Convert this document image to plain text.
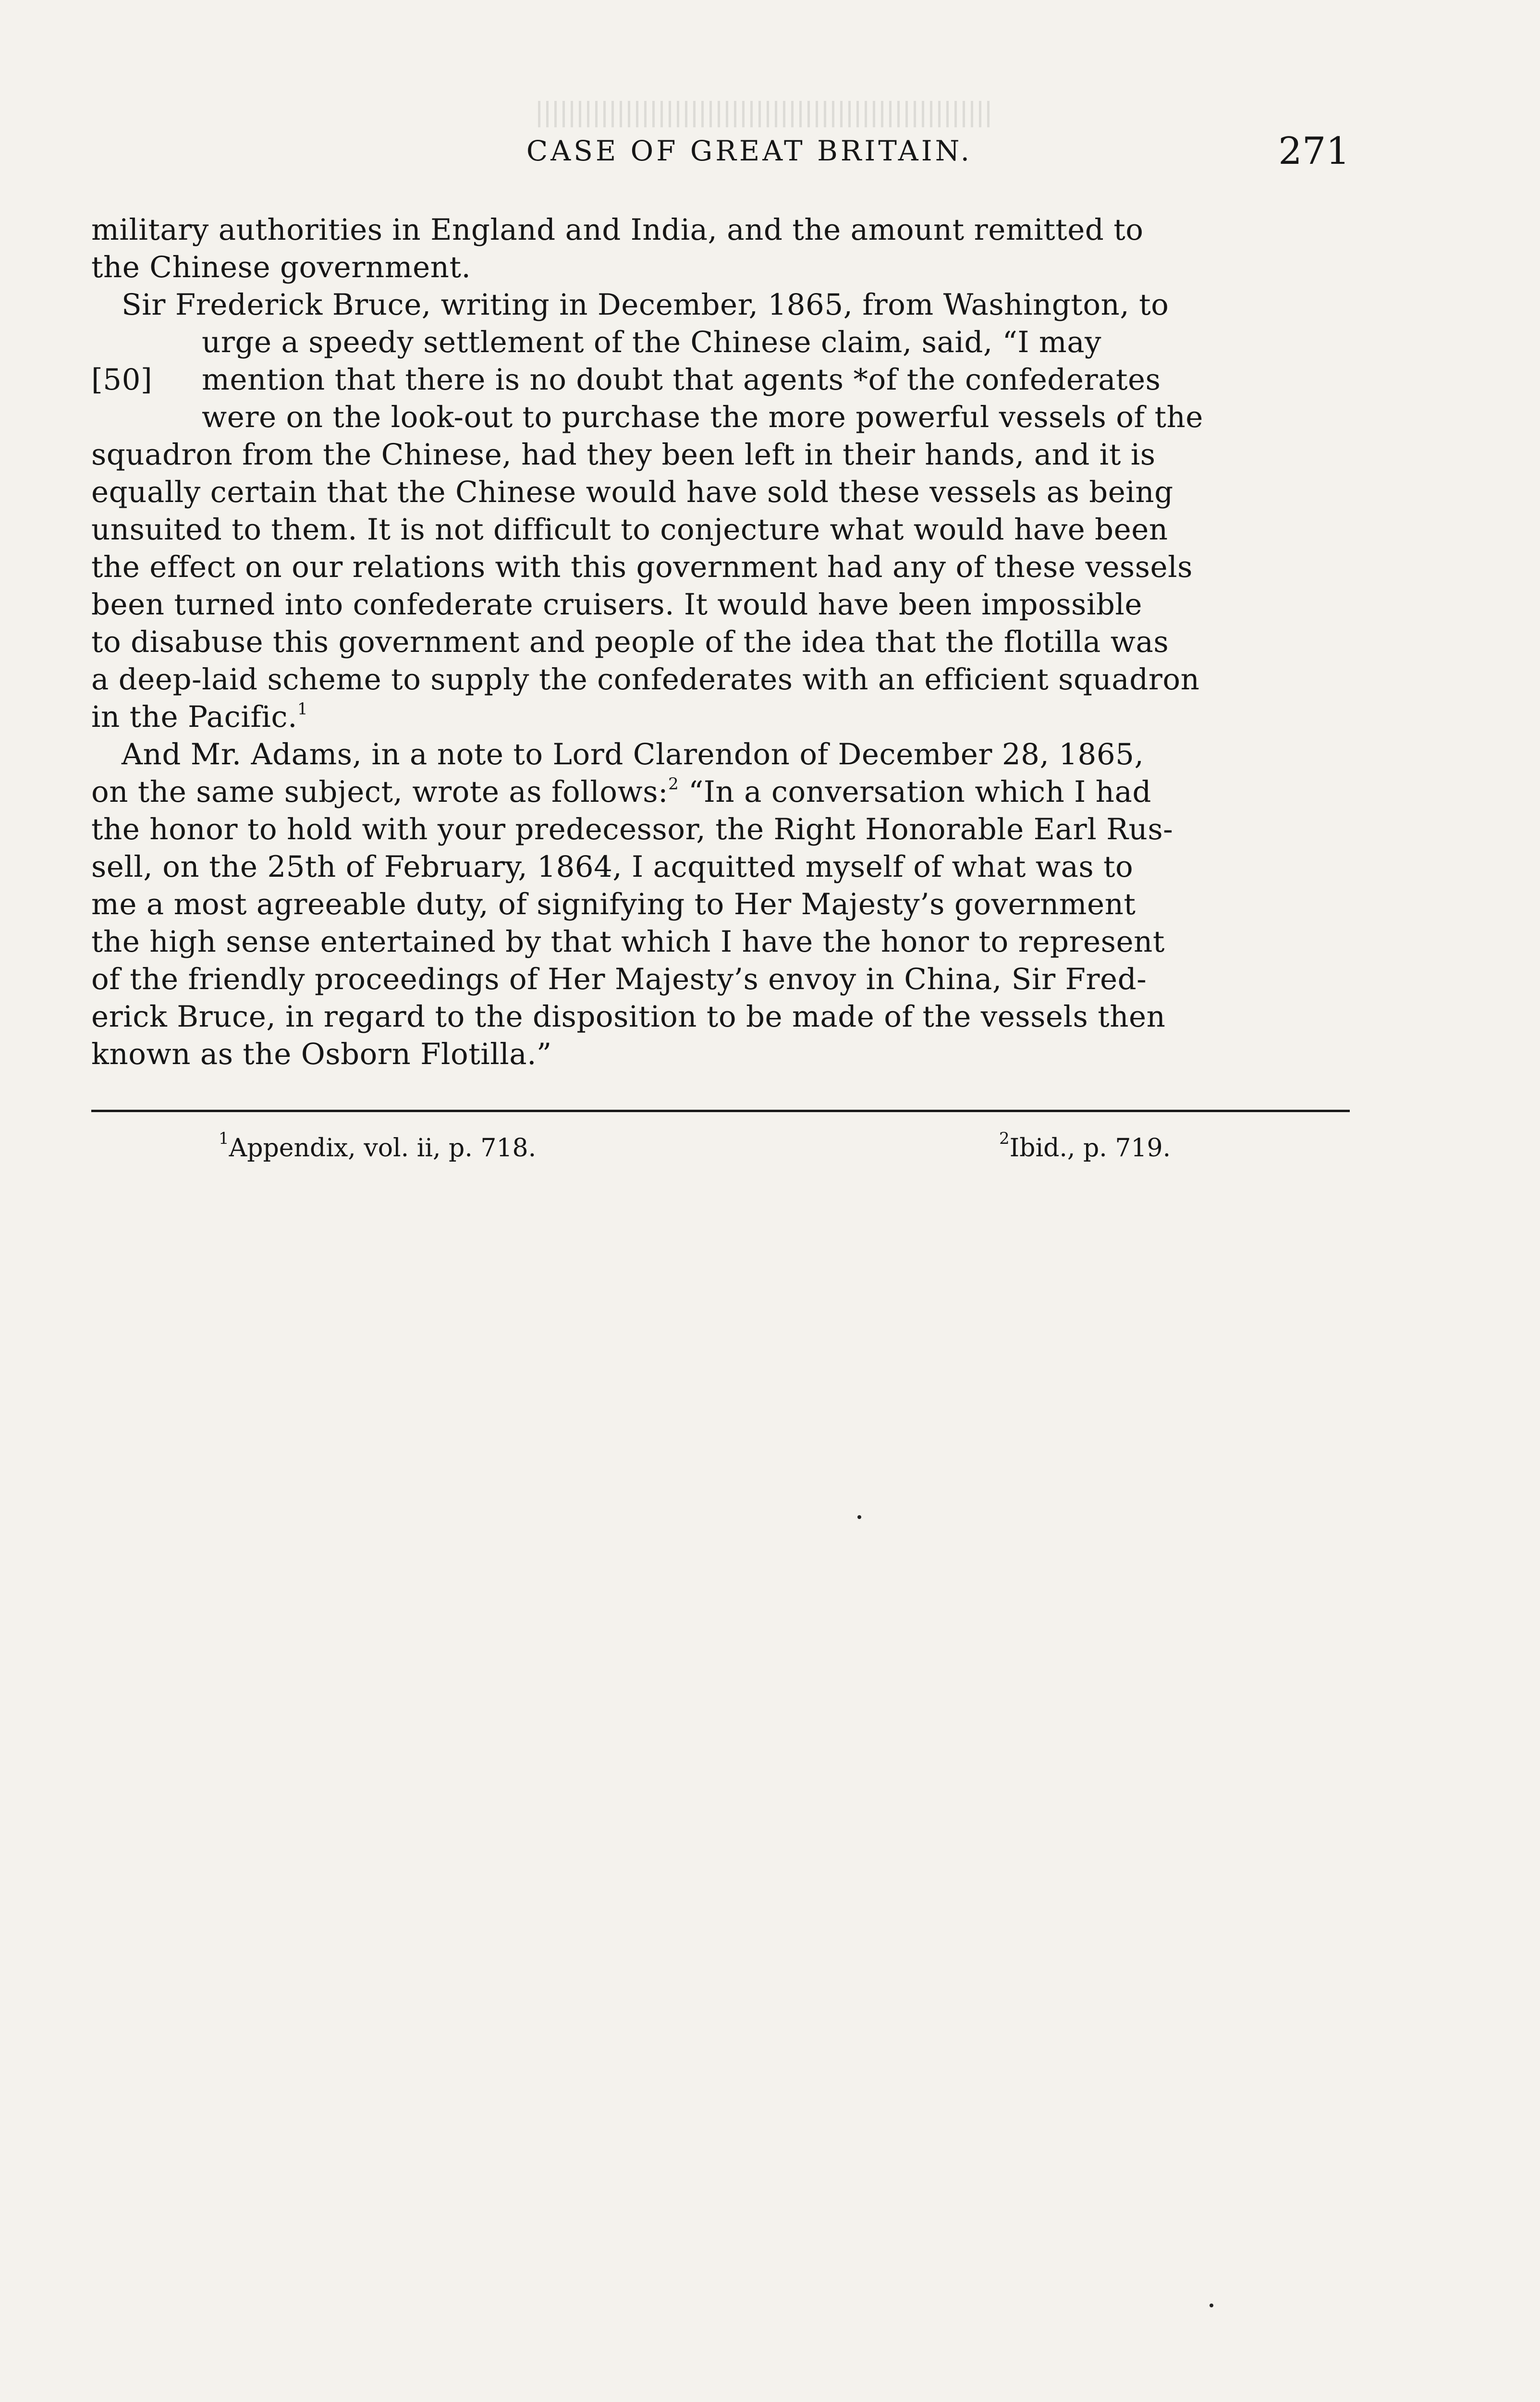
CASE OF GREAT BRITAIN.	271
military authorities in England and India, and the amount remitted to
the Chinese government.
Sir Frederick Bruce, writing in December, 1865, from Washington, to
urge a speedy settlement of the Chinese claim, said, “I may
[50] mention that there is no doubt that agents *of the confederates
were on the look-out to purchase the more powerful vessels of the
squadron from the Chinese, had they been left in their hands, and it is
equally certain that the Chinese would have sold these vessels as being
unsuited to them. It is not difficult to conjecture what would have been
the effect on our relations with this government had any of these vessels
been turned into confederate cruisers. It would have been impossible
to disabuse this government and people of the idea that the flotilla was
a deep-laid scheme to supply the confederates with an efficient squadron
in the Pacific.$^1$
And Mr. Adams, in a note to Lord Clarendon of December 28, 1865,
on the same subject, wrote as follows:$^2$ “In a conversation which I had
the honor to hold with your predecessor, the Right Honorable Earl Rus-
sell, on the 25th of February, 1864, I acquitted myself of what was to
me a most agreeable duty, of signifying to Her Majesty’s government
the high sense entertained by that which I have the honor to represent
of the friendly proceedings of Her Majesty’s envoy in China, Sir Fred-
erick Bruce, in regard to the disposition to be made of the vessels then
known as the Osborn Flotilla.”
$^1$Appendix, vol. ii, p. 718.	$^2$Ibid., p. 719.
